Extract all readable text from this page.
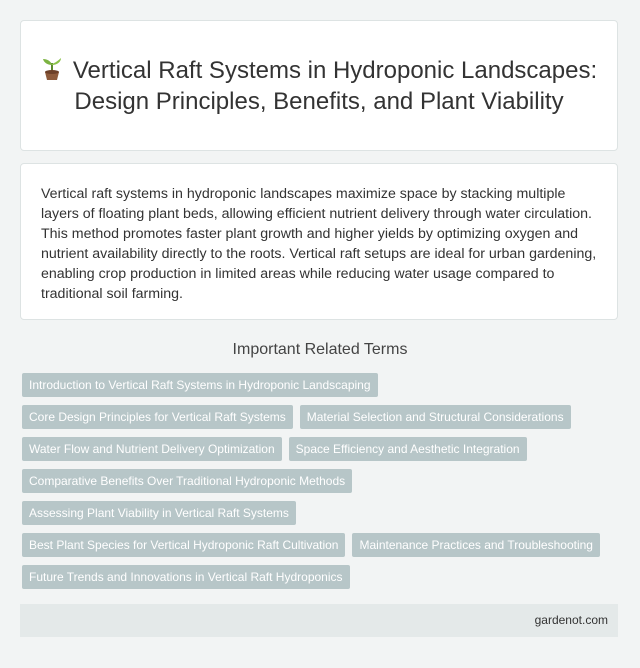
Vertical Raft Systems in Hydroponic Landscapes: Design Principles, Benefits, and Plant Viability

Vertical raft systems in hydroponic landscapes maximize space by stacking multiple layers of floating plant beds, allowing efficient nutrient delivery through water circulation. This method promotes faster plant growth and higher yields by optimizing oxygen and nutrient availability directly to the roots. Vertical raft setups are ideal for urban gardening, enabling crop production in limited areas while reducing water usage compared to traditional soil farming.

Important Related Terms
Introduction to Vertical Raft Systems in Hydroponic Landscaping
Core Design Principles for Vertical Raft Systems	Material Selection and Structural Considerations
Water Flow and Nutrient Delivery Optimization	Space Efficiency and Aesthetic Integration
Comparative Benefits Over Traditional Hydroponic Methods
Assessing Plant Viability in Vertical Raft Systems
Best Plant Species for Vertical Hydroponic Raft Cultivation	Maintenance Practices and Troubleshooting
Future Trends and Innovations in Vertical Raft Hydroponics
gardenot.com
